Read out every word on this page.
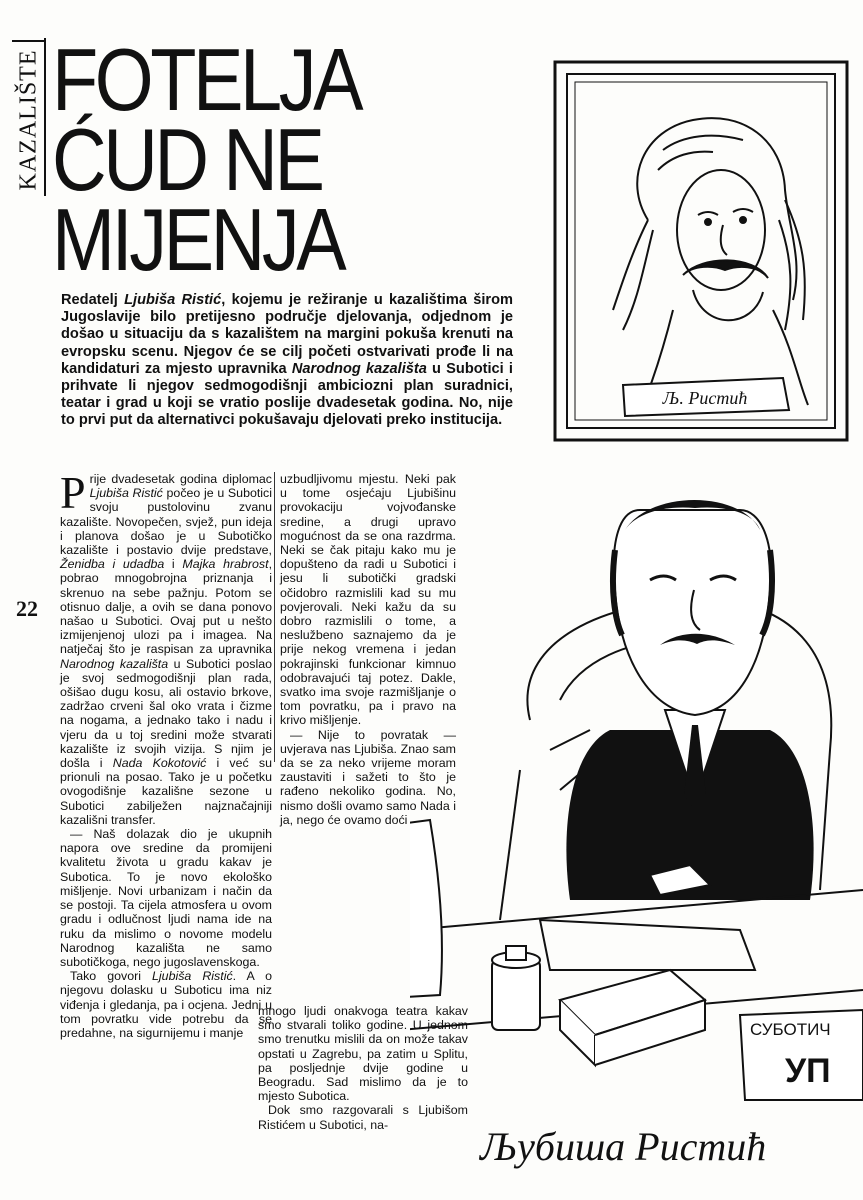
KAZALIŠTE FOTELJA
ĆUD NE
MIJENJA
Redatelj Ljubiša Ristić, kojemu je režiranje u kazalištima širom Jugoslavije bilo pretijesno područje djelovanja, odjednom je došao u situaciju da s kazalištem na margini pokuša krenuti na evropsku scenu. Njegov će se cilj početi ostvarivati prođe li na kandidaturi za mjesto upravnika Narodnog kazališta u Subotici i prihvate li njegov sedmogodišnji ambiciozni plan suradnici, teatar i grad u koji se vratio poslije dvadesetak godina. No, nije to prvi put da alternativci pokušavaju djelovati preko institucija.
22

Prije dvadesetak godina diplomac Ljubiša Ristić počeo je u Subotici svoju pustolovinu zvanu kazalište. Novopečen, svjež, pun ideja i planova došao je u Subotičko kazalište i postavio dvije predstave, Ženidba i udadba i Majka hrabrost, pobrao mnogobrojna priznanja i skrenuo na sebe pažnju. Potom se otisnuo dalje, a ovih se dana ponovo našao u Subotici. Ovaj put u nešto izmijenjenoj ulozi pa i imagea. Na natječaj što je raspisan za upravnika Narodnog kazališta u Subotici poslao je svoj sedmogodišnji plan rada, ošišao dugu kosu, ali ostavio brkove, zadržao crveni šal oko vrata i čizme na nogama, a jednako tako i nadu i vjeru da u toj sredini može stvarati kazalište iz svojih vizija. S njim je došla i Nada Kokotović i već su prionuli na posao. Tako je u početku ovogodišnje kazališne sezone u Subotici zabilježen najznačajniji kazališni transfer.

— Naš dolazak dio je ukupnih napora ove sredine da promijeni kvalitetu života u gradu kakav je Subotica. To je novo ekološko mišljenje. Novi urbanizam i način da se postoji. Ta cijela atmosfera u ovom gradu i odlučnost ljudi nama ide na ruku da mislimo o novome modelu Narodnog kazališta ne samo subotičkoga, nego jugoslavenskoga.

Tako govori Ljubiša Ristić. A o njegovu dolasku u Suboticu ima niz viđenja i gledanja, pa i ocjena. Jedni u tom povratku vide potrebu da se predahne, na sigurnijemu i manje

uzbudljivomu mjestu. Neki pak u tome osjećaju Ljubišinu provokaciju vojvođanske sredine, a drugi upravo mogućnost da se ona razdrma. Neki se čak pitaju kako mu je dopušteno da radi u Subotici i jesu li subotički gradski očidobro razmislili kad su mu povjerovali. Neki kažu da su dobro razmislili o tome, a neslužbeno saznajemo da je prije nekog vremena i jedan pokrajinski funkcionar kimnuo odobravajući taj potez. Dakle, svatko ima svoje razmišljanje o tom povratku, pa i pravo na krivo mišljenje.

— Nije to povratak — uvjerava nas Ljubiša. Znao sam da se za neko vrijeme moram zaustaviti i sažeti to što je rađeno nekoliko godina. No, nismo došli ovamo samo Nada i ja, nego će ovamo doći

mnogo ljudi onakvoga teatra kakav smo stvarali toliko godine. U jednom smo trenutku mislili da on može takav opstati u Zagrebu, pa zatim u Splitu, pa posljednje dvije godine u Beogradu. Sad mislimo da je to mjesto Subotica.

Dok smo razgovarali s Ljubišom Ristićem u Subotici, na-

Љ. Ристић
СУБОТИЧ
УП
Љубиша Ристић
